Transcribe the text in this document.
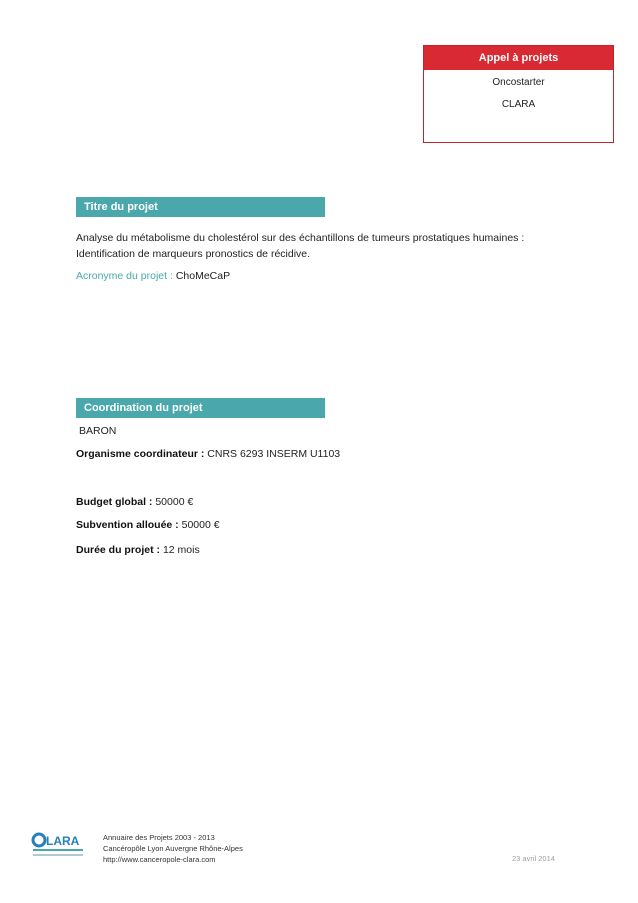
Appel à projets
Oncostarter
CLARA
Titre du projet
Analyse du métabolisme du cholestérol sur des échantillons de tumeurs prostatiques humaines : Identification de marqueurs pronostics de récidive.
Acronyme du projet : ChoMeCaP
Coordination du projet
BARON
Organisme coordinateur : CNRS 6293 INSERM U1103
Budget global : 50000 €
Subvention allouée : 50000 €
Durée du projet : 12 mois
LARA	Annuaire des Projets 2003 - 2013
Cancéropôle Lyon Auvergne Rhône-Alpes
http://www.canceropole-clara.com	23 avril 2014
